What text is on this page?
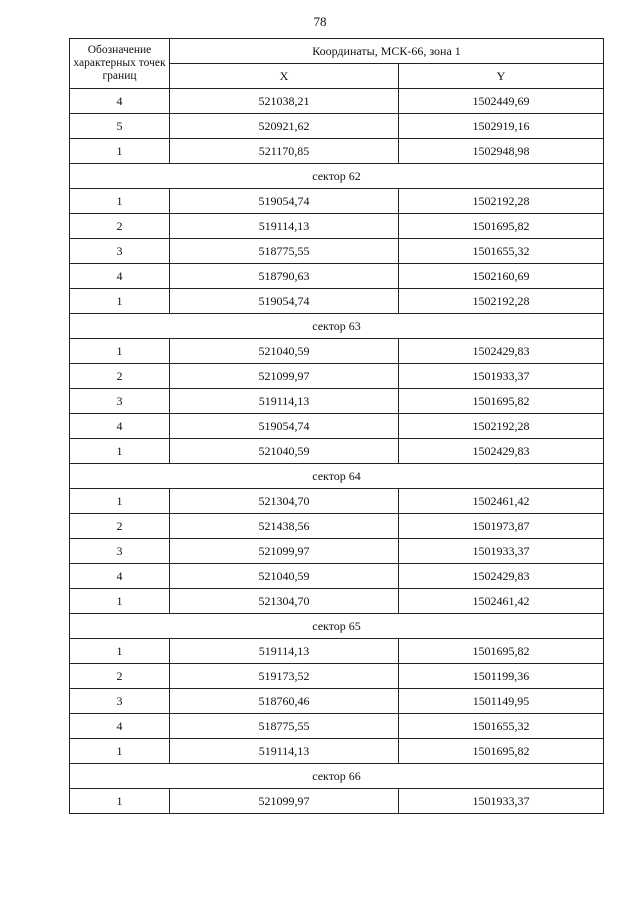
78
Обозначение характерных точек границ	Координаты, МСК-66, зона 1	
	X	Y
4	521038,21	1502449,69
5	520921,62	1502919,16
1	521170,85	1502948,98
сектор 62		
1	519054,74	1502192,28
2	519114,13	1501695,82
3	518775,55	1501655,32
4	518790,63	1502160,69
1	519054,74	1502192,28
сектор 63		
1	521040,59	1502429,83
2	521099,97	1501933,37
3	519114,13	1501695,82
4	519054,74	1502192,28
1	521040,59	1502429,83
сектор 64		
1	521304,70	1502461,42
2	521438,56	1501973,87
3	521099,97	1501933,37
4	521040,59	1502429,83
1	521304,70	1502461,42
сектор 65		
1	519114,13	1501695,82
2	519173,52	1501199,36
3	518760,46	1501149,95
4	518775,55	1501655,32
1	519114,13	1501695,82
сектор 66		
1	521099,97	1501933,37
